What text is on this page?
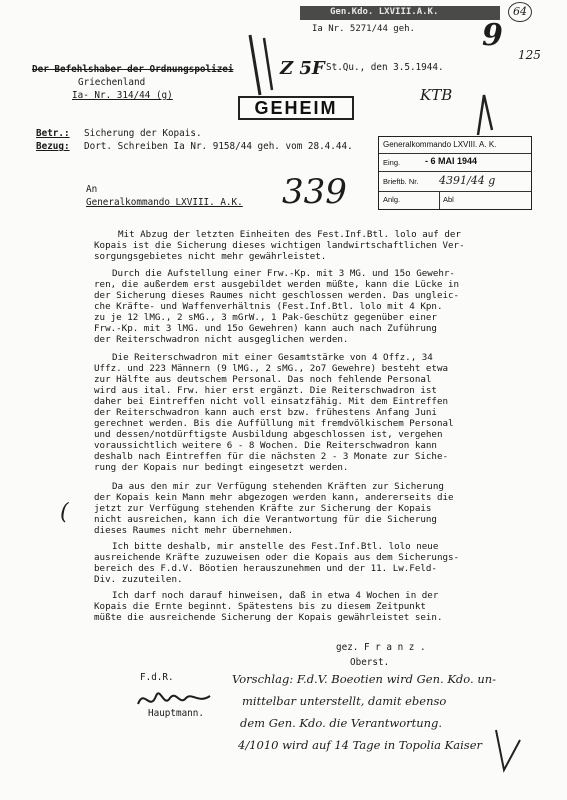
64
Gen.Kdo. LXVIII.A.K.
Ia Nr. 5271/44 geh. 9
125
Der Befehlshaber der Ordnungspolizei
Griechenland
Ia- Nr. 314/44 (g)
St.Qu., den 3.5.1944.
Z 5F
KTB
GEHEIM
Betr.: Sicherung der Kopais.
Bezug: Dort. Schreiben Ia Nr. 9158/44 geh. vom 28.4.44.	Generalkommando LXVIII. A. K.
Eing.	- 6 MAI 1944
Brieftb. Nr. 4391/44 g
Anlg.	Abl
An
Generalkommando LXVIII. A.K. 339
Mit Abzug der letzten Einheiten des Fest.Inf.Btl. lolo auf der
Kopais ist die Sicherung dieses wichtigen landwirtschaftlichen Ver-
sorgungsgebietes nicht mehr gewährleistet.
Durch die Aufstellung einer Frw.-Kp. mit 3 MG. und 15o Gewehr-
ren, die außerdem erst ausgebildet werden müßte, kann die Lücke in
der Sicherung dieses Raumes nicht geschlossen werden. Das ungleic-
che Kräfte- und Waffenverhältnis (Fest.Inf.Btl. lolo mit 4 Kpn.
zu je 12 lMG., 2 sMG., 3 mGrW., 1 Pak-Geschütz gegenüber einer
Frw.-Kp. mit 3 lMG. und 15o Gewehren) kann auch nach Zuführung
der Reiterschwadron nicht ausgeglichen werden.
Die Reiterschwadron mit einer Gesamtstärke von 4 Offz., 34
Uffz. und 223 Männern (9 lMG., 2 sMG., 2o7 Gewehre) besteht etwa
zur Hälfte aus deutschem Personal. Das noch fehlende Personal
wird aus ital. Frw. hier erst ergänzt. Die Reiterschwadron ist
daher bei Eintreffen nicht voll einsatzfähig. Mit dem Eintreffen
der Reiterschwadron kann auch erst bzw. frühestens Anfang Juni
gerechnet werden. Bis die Auffüllung mit fremdvölkischem Personal
und dessen/notdürftigste Ausbildung abgeschlossen ist, vergehen
voraussichtlich weitere 6 - 8 Wochen. Die Reiterschwadron kann
deshalb nach Eintreffen für die nächsten 2 - 3 Monate zur Siche-
rung der Kopais nur bedingt eingesetzt werden.
Da aus den mir zur Verfügung stehenden Kräften zur Sicherung
der Kopais kein Mann mehr abgezogen werden kann, andererseits die
jetzt zur Verfügung stehenden Kräfte zur Sicherung der Kopais
nicht ausreichen, kann ich die Verantwortung für die Sicherung
dieses Raumes nicht mehr übernehmen.
(
Ich bitte deshalb, mir anstelle des Fest.Inf.Btl. lolo neue
ausreichende Kräfte zuzuweisen oder die Kopais aus dem Sicherungs-
bereich des F.d.V. Böotien herauszunehmen und der 11. Lw.Feld-
Div. zuzuteilen.
Ich darf noch darauf hinweisen, daß in etwa 4 Wochen in der
Kopais die Ernte beginnt. Spätestens bis zu diesem Zeitpunkt
müßte die ausreichende Sicherung der Kopais gewährleistet sein.
gez. F r a n z .
Oberst.
F.d.R.
Hauptmann.
Vorschlag: F.d.V. Boeotien wird Gen. Kdo. un-
mittelbar unterstellt, damit ebenso
dem Gen. Kdo. die Verantwortung.
4/1010 wird auf 14 Tage in Topolia Kaiser
